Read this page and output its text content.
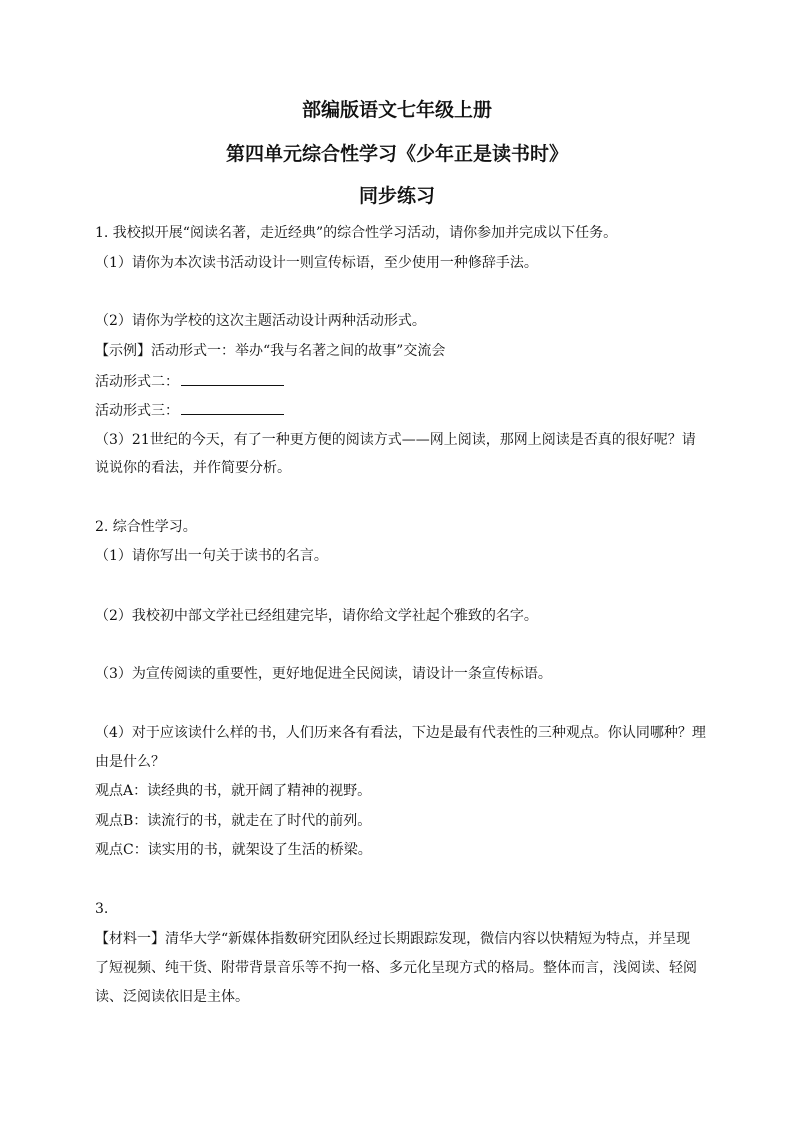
部编版语文七年级上册
第四单元综合性学习《少年正是读书时》
同步练习
1. 我校拟开展“阅读名著，走近经典”的综合性学习活动，请你参加并完成以下任务。
（1）请你为本次读书活动设计一则宣传标语，至少使用一种修辞手法。
（2）请你为学校的这次主题活动设计两种活动形式。
【示例】活动形式一：举办“我与名著之间的故事”交流会
活动形式二：
活动形式三：
（3）21世纪的今天，有了一种更方便的阅读方式——网上阅读，那网上阅读是否真的很好呢？请
说说你的看法，并作简要分析。
2. 综合性学习。
（1）请你写出一句关于读书的名言。
（2）我校初中部文学社已经组建完毕，请你给文学社起个雅致的名字。
（3）为宣传阅读的重要性，更好地促进全民阅读，请设计一条宣传标语。
（4）对于应该读什么样的书，人们历来各有看法，下边是最有代表性的三种观点。你认同哪种？理
由是什么？
观点A：读经典的书，就开阔了精神的视野。
观点B：读流行的书，就走在了时代的前列。
观点C：读实用的书，就架设了生活的桥梁。
3.
【材料一】清华大学“新媒体指数研究团队经过长期跟踪发现，微信内容以快精短为特点，并呈现
了短视频、纯干货、附带背景音乐等不拘一格、多元化呈现方式的格局。整体而言，浅阅读、轻阅
读、泛阅读依旧是主体。
